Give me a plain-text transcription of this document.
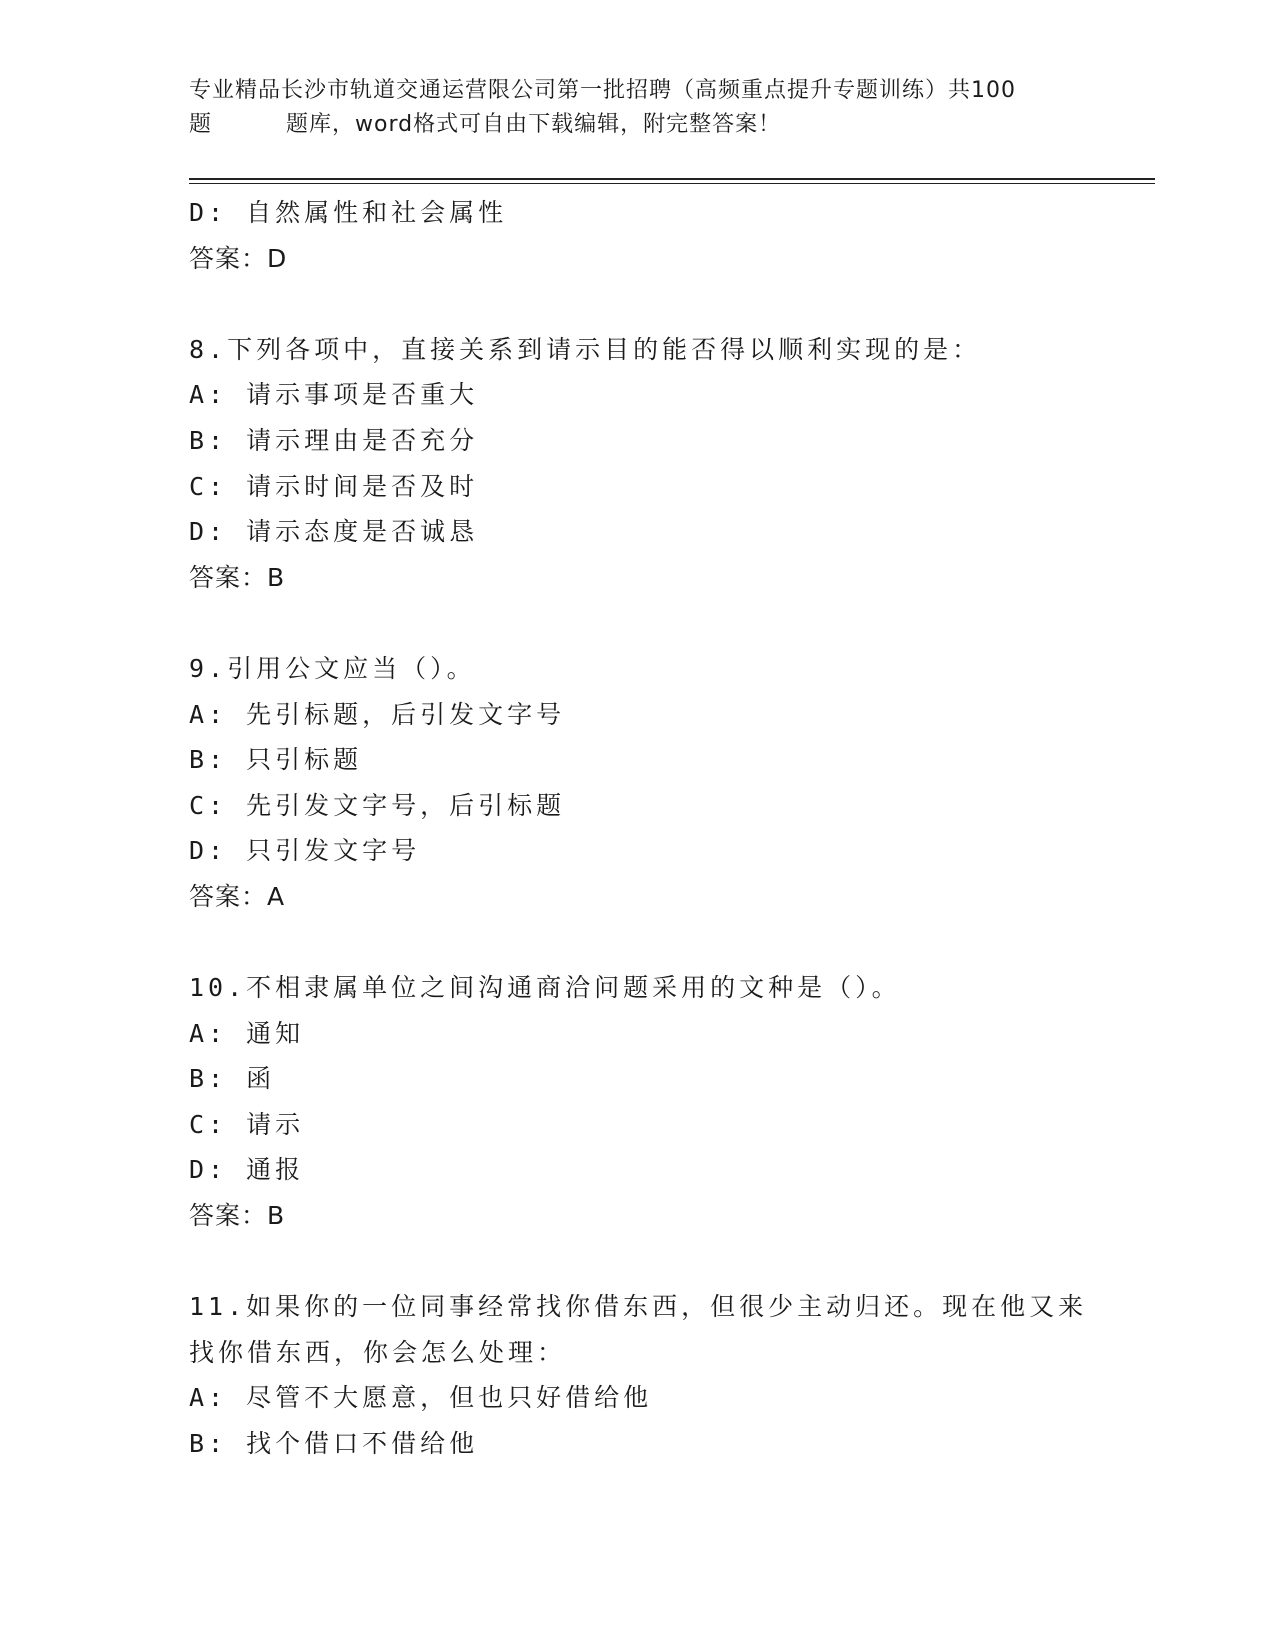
专业精品长沙市轨道交通运营限公司第一批招聘（高频重点提升专题训练）共100
题	题库，word格式可自由下载编辑，附完整答案！
D: 自然属性和社会属性
答案：D
8.下列各项中，直接关系到请示目的能否得以顺利实现的是：
A: 请示事项是否重大
B: 请示理由是否充分
C: 请示时间是否及时
D: 请示态度是否诚恳
答案：B
9.引用公文应当（）。
A: 先引标题，后引发文字号
B: 只引标题
C: 先引发文字号，后引标题
D: 只引发文字号
答案：A
10.不相隶属单位之间沟通商洽问题采用的文种是（）。
A: 通知
B: 函
C: 请示
D: 通报
答案：B
11.如果你的一位同事经常找你借东西，但很少主动归还。现在他又来
找你借东西，你会怎么处理：
A: 尽管不大愿意，但也只好借给他
B: 找个借口不借给他
